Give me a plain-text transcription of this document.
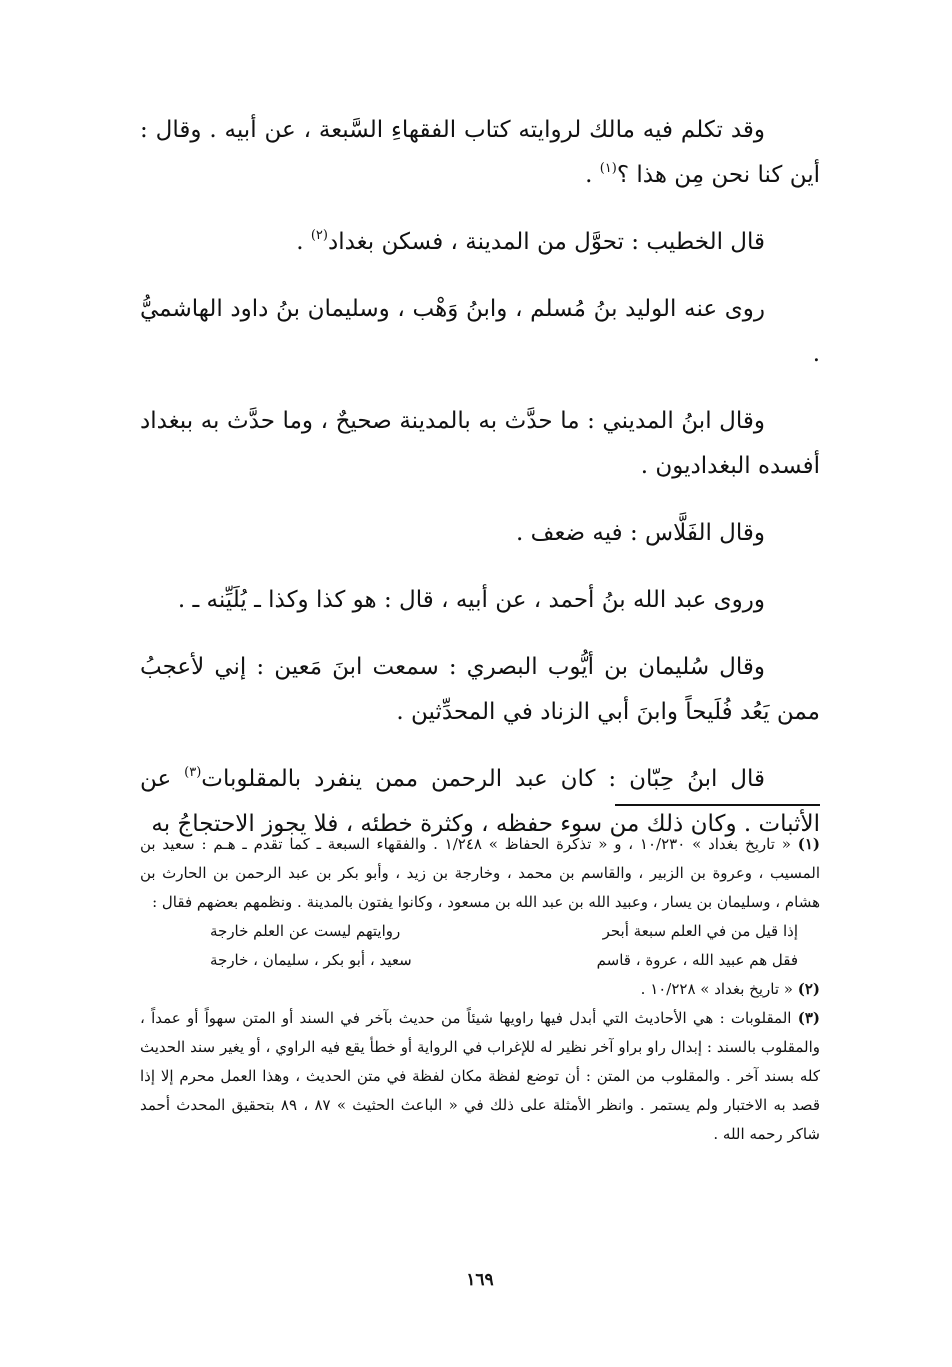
وقد تكلم فيه مالك لروايته كتاب الفقهاءِ السَّبعة ، عن أبيه . وقال : أين كنا نحن مِن هذا ؟$^{(١)}$ .

قال الخطيب : تحوَّل من المدينة ، فسكن بغداد$^{(٢)}$ .

روى عنه الوليد بنُ مُسلم ، وابنُ وَهْب ، وسليمان بنُ داود الهاشميُّ .

وقال ابنُ المديني : ما حدَّث به بالمدينة صحيحٌ ، وما حدَّث به ببغداد أفسده البغداديون .

وقال الفَلَّاس : فيه ضعف .

وروى عبد الله بنُ أحمد ، عن أبيه ، قال : هو كذا وكذا ـ يُلَيِّنه ـ .

وقال سُليمان بن أيُّوب البصري : سمعت ابنَ مَعين : إني لأعجبُ ممن يَعُد فُلَيحاً وابنَ أبي الزناد في المحدِّثين .

قال ابنُ حِبّان : كان عبد الرحمن ممن ينفرد بالمقلوبات$^{(٣)}$ عن الأثبات . وكان ذلك من سوء حفظه ، وكثرة خطئه ، فلا يجوز الاحتجاجُ به

(١) « تاريخ بغداد » ١٠/٢٣٠ ، و « تذكرة الحفاظ » ١/٢٤٨ . والفقهاء السبعة ـ كما تقدم ـ هـم : سعيد بن المسيب ، وعروة بن الزبير ، والقاسم بن محمد ، وخارجة بن زيد ، وأبو بكر بن عبد الرحمن بن الحارث بن هشام ، وسليمان بن يسار ، وعبيد الله بن عبد الله بن مسعود ، وكانوا يفتون بالمدينة . ونظمهم بعضهم فقال :

إذا قيل من في العلم سبعة أبحر
روايتهم ليست عن العلم خارجة

فقل هم عبيد الله ، عروة ، قاسم
سعيد ، أبو بكر ، سليمان ، خارجة

(٢) « تاريخ بغداد » ١٠/٢٢٨ .

(٣) المقلوبات : هي الأحاديث التي أبدل فيها راويها شيئاً من حديث بآخر في السند أو المتن سهواً أو عمداً ، والمقلوب بالسند : إبدال راو براو آخر نظير له للإغراب في الرواية أو خطأ يقع فيه الراوي ، أو يغير سند الحديث كله بسند آخر . والمقلوب من المتن : أن توضع لفظة مكان لفظة في متن الحديث ، وهذا العمل محرم إلا إذا قصد به الاختبار ولم يستمر . وانظر الأمثلة على ذلك في « الباعث الحثيث » ٨٧ ، ٨٩ بتحقيق المحدث أحمد شاكر رحمه الله .

١٦٩
